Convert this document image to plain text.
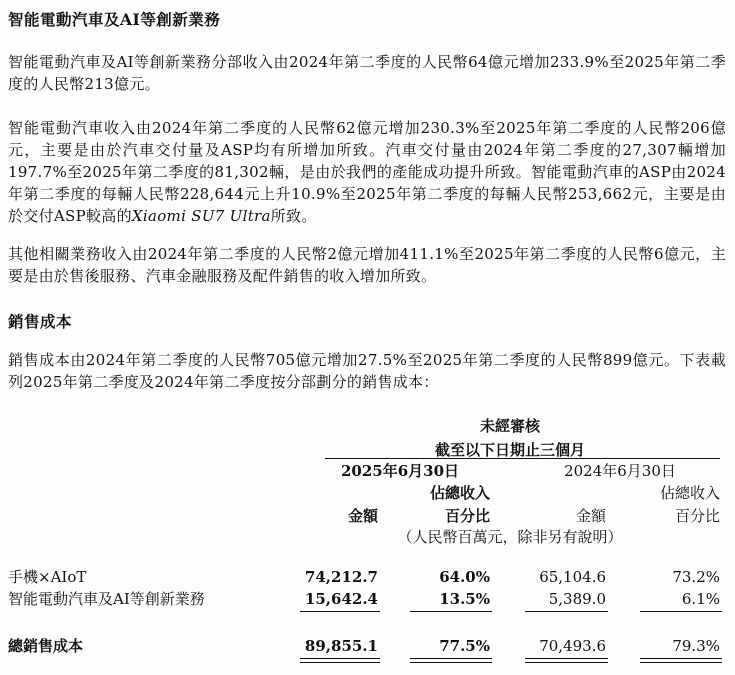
智能電動汽車及AI等創新業務
智能電動汽車及AI等創新業務分部收入由2024年第二季度的人民幣64億元增加233.9%至2025年第二季度的人民幣213億元。
智能電動汽車收入由2024年第二季度的人民幣62億元增加230.3%至2025年第二季度的人民幣206億元，主要是由於汽車交付量及ASP均有所增加所致。汽車交付量由2024年第二季度的27,307輛增加197.7%至2025年第二季度的81,302輛，是由於我們的產能成功提升所致。智能電動汽車的ASP由2024年第二季度的每輛人民幣228,644元上升10.9%至2025年第二季度的每輛人民幣253,662元，主要是由於交付ASP較高的Xiaomi SU7 Ultra所致。
其他相關業務收入由2024年第二季度的人民幣2億元增加411.1%至2025年第二季度的人民幣6億元，主要是由於售後服務、汽車金融服務及配件銷售的收入增加所致。
銷售成本
銷售成本由2024年第二季度的人民幣705億元增加27.5%至2025年第二季度的人民幣899億元。下表載列2025年第二季度及2024年第二季度按分部劃分的銷售成本：
未經審核
截至以下日期止三個月
2025年6月30日	2024年6月30日
佔總收入	佔總收入
金額	百分比	金額	百分比
（人民幣百萬元，除非另有說明）
手機×AIoT	74,212.7	64.0%	65,104.6	73.2%
智能電動汽車及AI等創新業務	15,642.4	13.5%	5,389.0	6.1%
總銷售成本	89,855.1	77.5%	70,493.6	79.3%
